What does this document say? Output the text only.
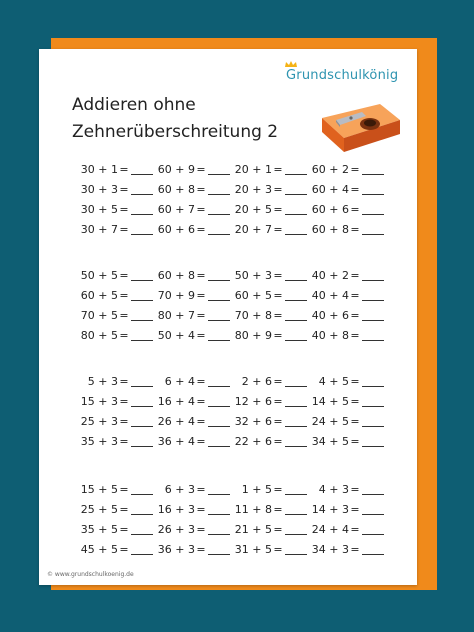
Grundschulkönig
Addieren ohne
Zehnerüberschreitung 2
30 + 1 =
30 + 3 =
30 + 5 =
30 + 7 =
60 + 9 =
60 + 8 =
60 + 7 =
60 + 6 =
20 + 1 =
20 + 3 =
20 + 5 =
20 + 7 =
60 + 2 =
60 + 4 =
60 + 6 =
60 + 8 =
50 + 5 =
60 + 5 =
70 + 5 =
80 + 5 =
60 + 8 =
70 + 9 =
80 + 7 =
50 + 4 =
50 + 3 =
60 + 5 =
70 + 8 =
80 + 9 =
40 + 2 =
40 + 4 =
40 + 6 =
40 + 8 =
5 + 3 =
15 + 3 =
25 + 3 =
35 + 3 =
6 + 4 =
16 + 4 =
26 + 4 =
36 + 4 =
2 + 6 =
12 + 6 =
32 + 6 =
22 + 6 =
4 + 5 =
14 + 5 =
24 + 5 =
34 + 5 =
15 + 5 =
25 + 5 =
35 + 5 =
45 + 5 =
6 + 3 =
16 + 3 =
26 + 3 =
36 + 3 =
1 + 5 =
11 + 8 =
21 + 5 =
31 + 5 =
4 + 3 =
14 + 3 =
24 + 4 =
34 + 3 =
© www.grundschulkoenig.de
